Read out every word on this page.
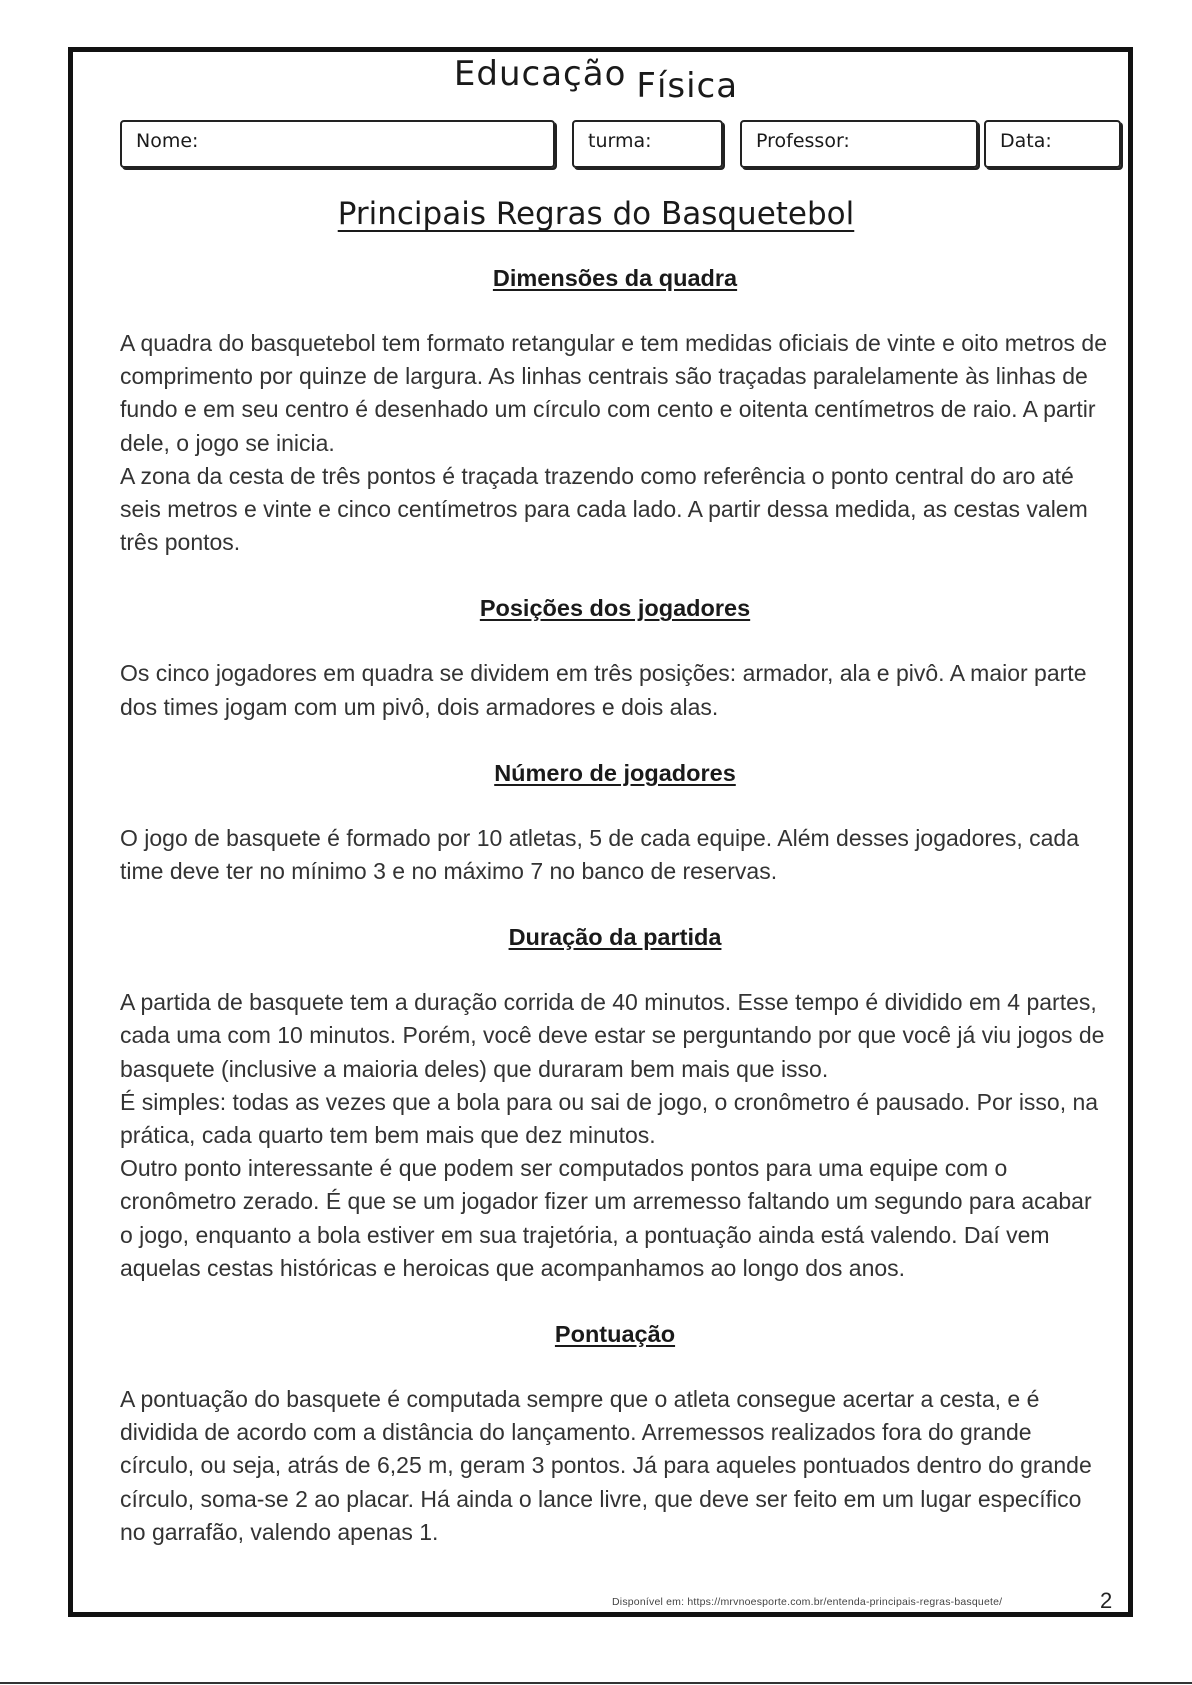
Educação Física
Nome:	turma:	Professor:	Data:
Principais Regras do Basquetebol

Dimensões da quadra

A quadra do basquetebol tem formato retangular e tem medidas oficiais de vinte e oito metros de comprimento por quinze de largura. As linhas centrais são traçadas paralelamente às linhas de fundo e em seu centro é desenhado um círculo com cento e oitenta centímetros de raio. A partir dele, o jogo se inicia.

A zona da cesta de três pontos é traçada trazendo como referência o ponto central do aro até seis metros e vinte e cinco centímetros para cada lado. A partir dessa medida, as cestas valem três pontos.

Posições dos jogadores

Os cinco jogadores em quadra se dividem em três posições: armador, ala e pivô. A maior parte dos times jogam com um pivô, dois armadores e dois alas.

Número de jogadores

O jogo de basquete é formado por 10 atletas, 5 de cada equipe. Além desses jogadores, cada time deve ter no mínimo 3 e no máximo 7 no banco de reservas.

Duração da partida

A partida de basquete tem a duração corrida de 40 minutos. Esse tempo é dividido em 4 partes, cada uma com 10 minutos. Porém, você deve estar se perguntando por que você já viu jogos de basquete (inclusive a maioria deles) que duraram bem mais que isso.

É simples: todas as vezes que a bola para ou sai de jogo, o cronômetro é pausado. Por isso, na prática, cada quarto tem bem mais que dez minutos.

Outro ponto interessante é que podem ser computados pontos para uma equipe com o cronômetro zerado. É que se um jogador fizer um arremesso faltando um segundo para acabar o jogo, enquanto a bola estiver em sua trajetória, a pontuação ainda está valendo. Daí vem aquelas cestas históricas e heroicas que acompanhamos ao longo dos anos.

Pontuação

A pontuação do basquete é computada sempre que o atleta consegue acertar a cesta, e é dividida de acordo com a distância do lançamento. Arremessos realizados fora do grande círculo, ou seja, atrás de 6,25 m, geram 3 pontos. Já para aqueles pontuados dentro do grande círculo, soma-se 2 ao placar. Há ainda o lance livre, que deve ser feito em um lugar específico no garrafão, valendo apenas 1.

Disponível em: https://mrvnoesporte.com.br/entenda-principais-regras-basquete/	2
